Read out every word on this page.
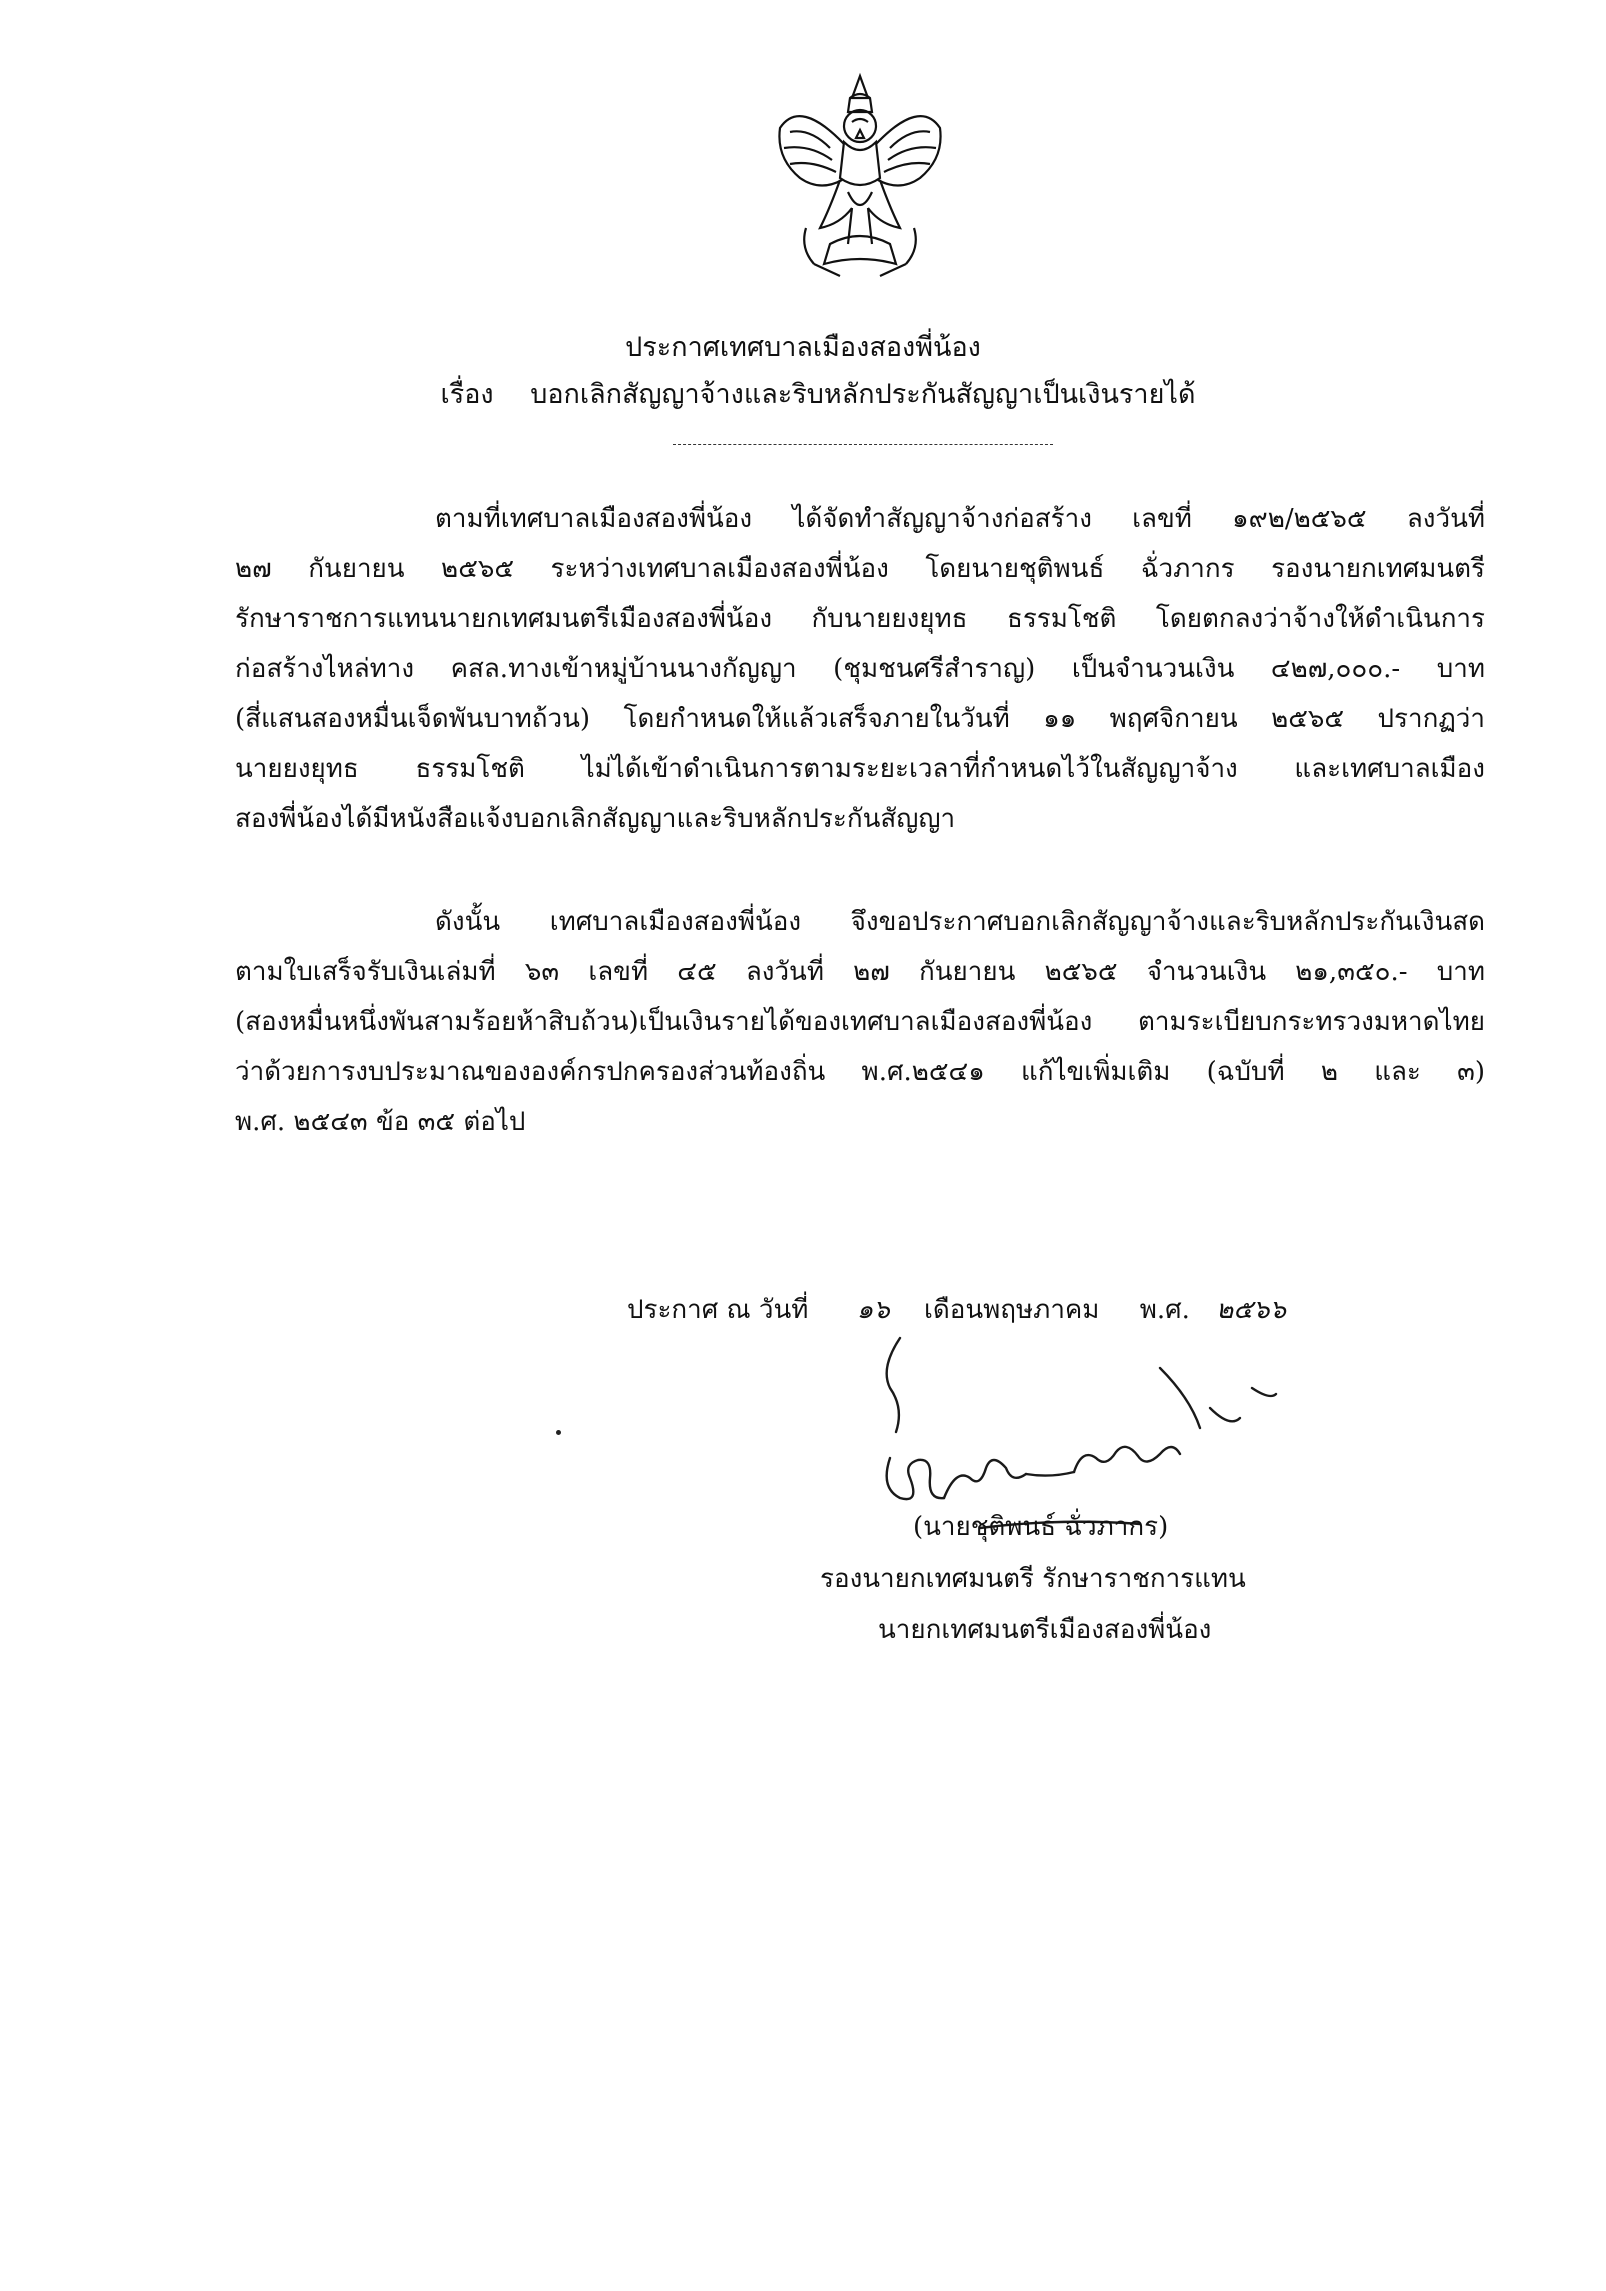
ประกาศเทศบาลเมืองสองพี่น้อง
เรื่อง บอกเลิกสัญญาจ้างและริบหลักประกันสัญญาเป็นเงินรายได้
ตามที่เทศบาลเมืองสองพี่น้อง ได้จัดทำสัญญาจ้างก่อสร้าง เลขที่ ๑๙๒/๒๕๖๕ ลงวันที่
๒๗ กันยายน ๒๕๖๕ ระหว่างเทศบาลเมืองสองพี่น้อง โดยนายชุติพนธ์ ฉั่วภากร รองนายกเทศมนตรี
รักษาราชการแทนนายกเทศมนตรีเมืองสองพี่น้อง กับนายยงยุทธ ธรรมโชติ โดยตกลงว่าจ้างให้ดำเนินการ
ก่อสร้างไหล่ทาง คสล.ทางเข้าหมู่บ้านนางกัญญา (ชุมชนศรีสำราญ) เป็นจำนวนเงิน ๔๒๗,๐๐๐.- บาท
(สี่แสนสองหมื่นเจ็ดพันบาทถ้วน) โดยกำหนดให้แล้วเสร็จภายในวันที่ ๑๑ พฤศจิกายน ๒๕๖๕ ปรากฏว่า
นายยงยุทธ ธรรมโชติ ไม่ได้เข้าดำเนินการตามระยะเวลาที่กำหนดไว้ในสัญญาจ้าง และเทศบาลเมือง
สองพี่น้องได้มีหนังสือแจ้งบอกเลิกสัญญาและริบหลักประกันสัญญา
ดังนั้น เทศบาลเมืองสองพี่น้อง จึงขอประกาศบอกเลิกสัญญาจ้างและริบหลักประกันเงินสด
ตามใบเสร็จรับเงินเล่มที่ ๖๓ เลขที่ ๔๕ ลงวันที่ ๒๗ กันยายน ๒๕๖๕ จำนวนเงิน ๒๑,๓๕๐.- บาท
(สองหมื่นหนึ่งพันสามร้อยห้าสิบถ้วน)เป็นเงินรายได้ของเทศบาลเมืองสองพี่น้อง ตามระเบียบกระทรวงมหาดไทย
ว่าด้วยการงบประมาณขององค์กรปกครองส่วนท้องถิ่น พ.ศ.๒๕๔๑ แก้ไขเพิ่มเติม (ฉบับที่ ๒ และ ๓)
พ.ศ. ๒๕๔๓ ข้อ ๓๕ ต่อไป
ประกาศ ณ วันที่ ๑๖ เดือนพฤษภาคม พ.ศ. ๒๕๖๖
(นายชุติพนธ์ ฉั่วภากร)
รองนายกเทศมนตรี รักษาราชการแทน
นายกเทศมนตรีเมืองสองพี่น้อง
